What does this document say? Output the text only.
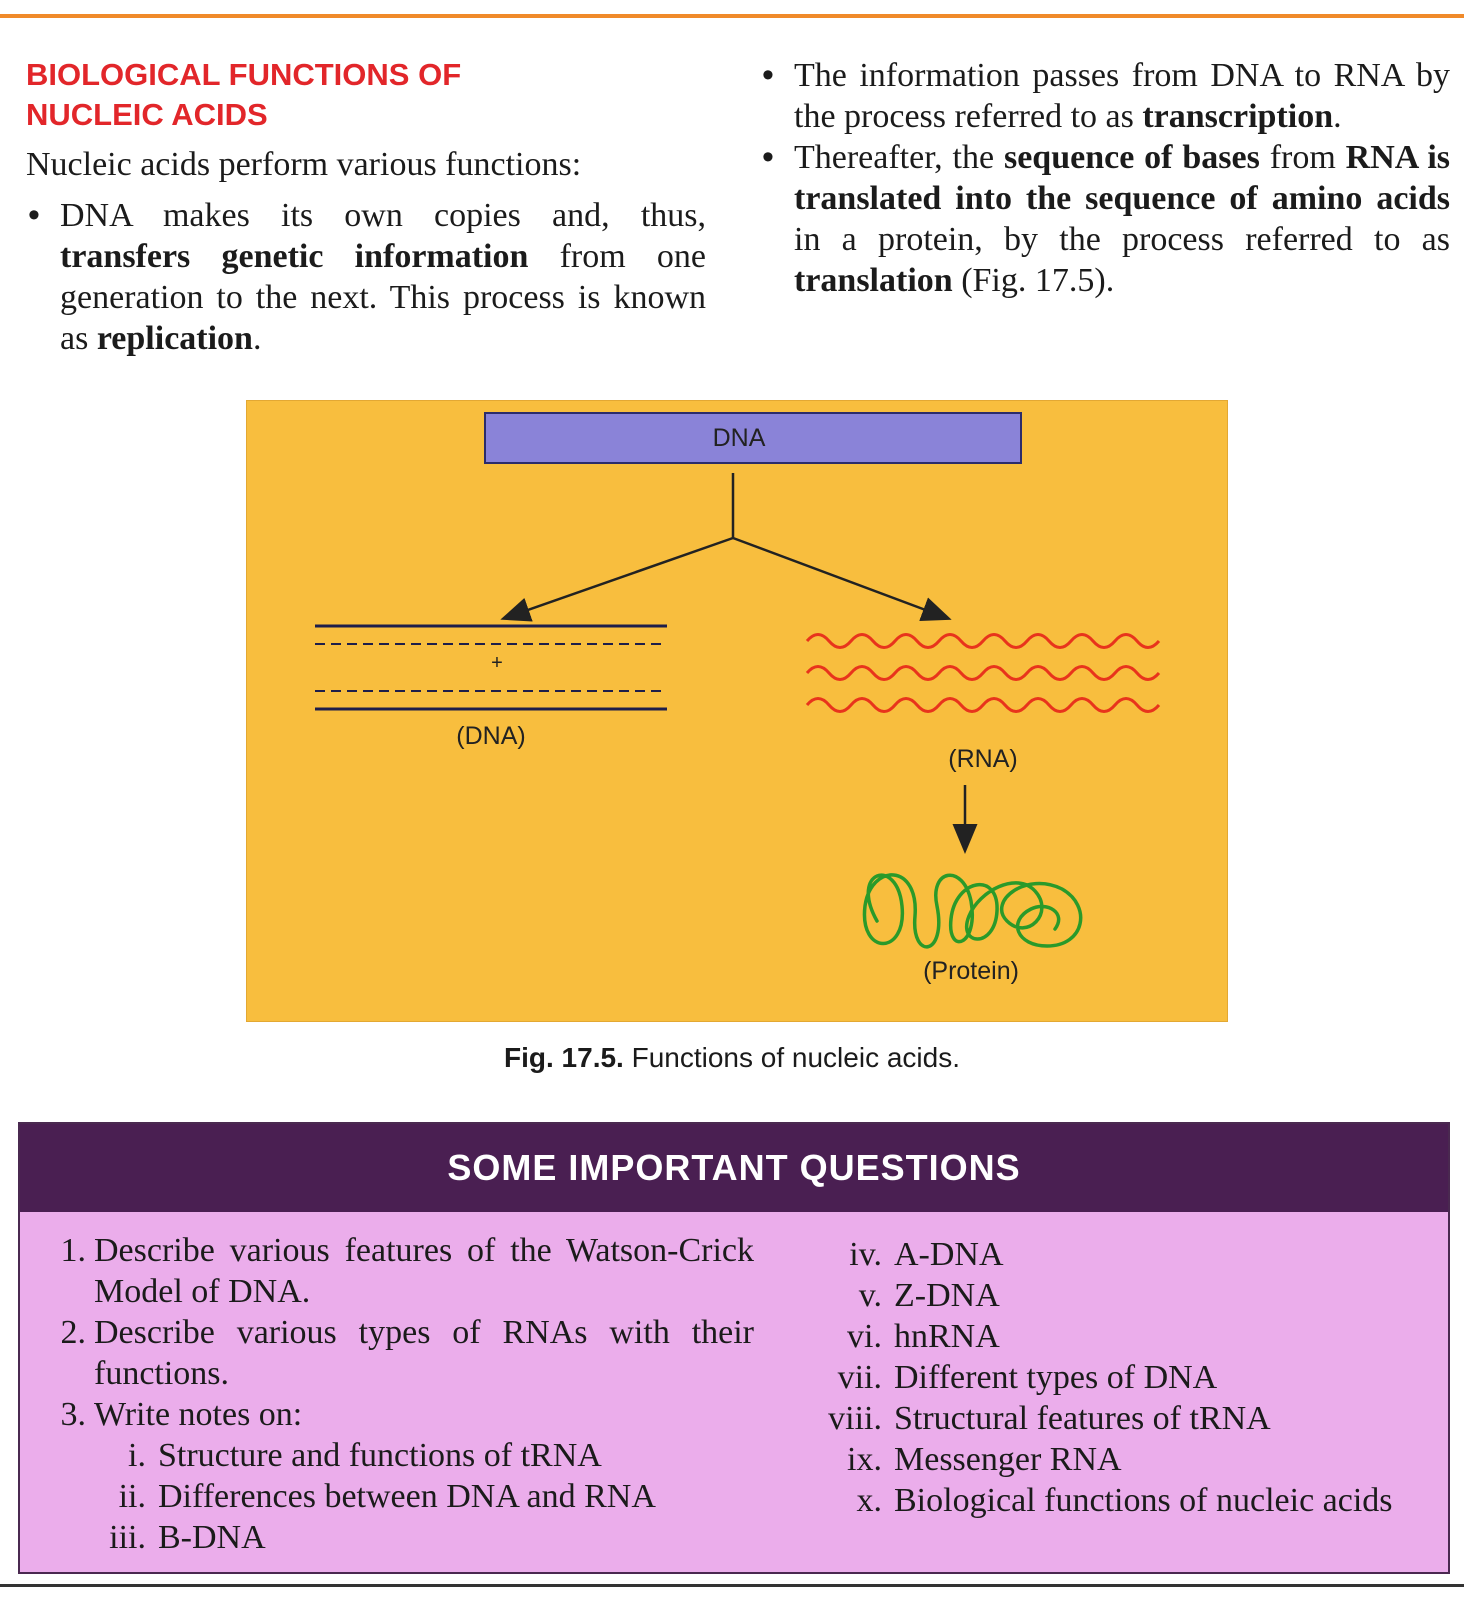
BIOLOGICAL FUNCTIONS OF
NUCLEIC ACIDS

Nucleic acids perform various functions:

• DNA makes its own copies and, thus, transfers genetic information from one generation to the next. This process is known as replication.
• The information passes from DNA to RNA by the process referred to as transcription.
• Thereafter, the sequence of bases from RNA is translated into the sequence of amino acids in a protein, by the process referred to as translation (Fig. 17.5).
DNA
+
(DNA)
(RNA)
(Protein)
Fig. 17.5. Functions of nucleic acids.
SOME IMPORTANT QUESTIONS
1. Describe various features of the Watson-Crick Model of DNA.
2. Describe various types of RNAs with their functions.
3. Write notes on:
i. Structure and functions of tRNA
ii. Differences between DNA and RNA
iii. B-DNA
iv. A-DNA
v. Z-DNA
vi. hnRNA
vii. Different types of DNA
viii. Structural features of tRNA
ix. Messenger RNA
x. Biological functions of nucleic acids
